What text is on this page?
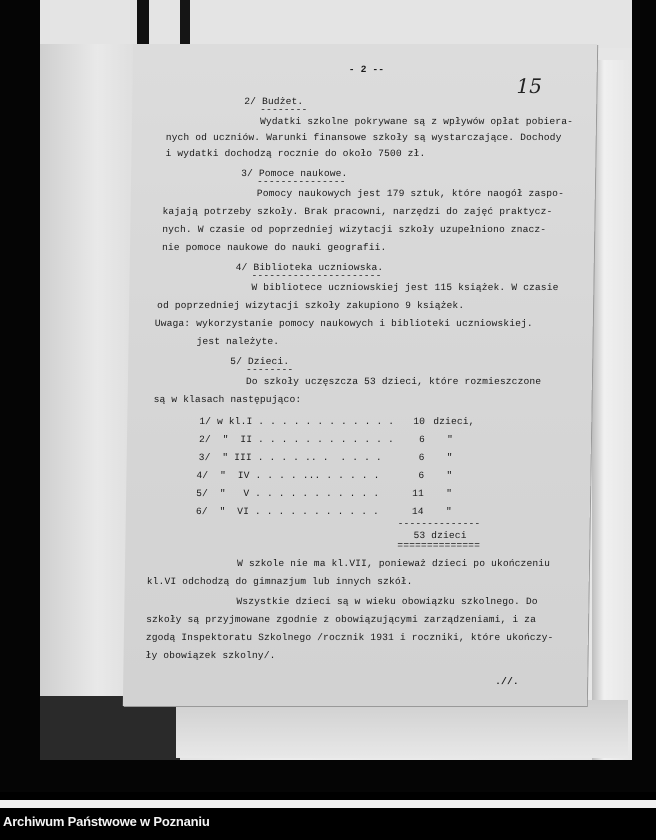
- 2 --
15
2/ Budżet.
--------
Wydatki szkolne pokrywane są z wpływów opłat pobiera-
nych od uczniów. Warunki finansowe szkoły są wystarczające. Dochody
i wydatki dochodzą rocznie do około 7500 zł.
3/ Pomoce naukowe.
---------------
Pomocy naukowych jest 179 sztuk, które naogół zaspo-
kajają potrzeby szkoły. Brak pracowni, narzędzi do zajęć praktycz-
nych. W czasie od poprzedniej wizytacji szkoły uzupełniono znacz-
nie pomoce naukowe do nauki geografii.
4/ Biblioteka uczniowska.
----------------------
W bibliotece uczniowskiej jest 115 książek. W czasie
od poprzedniej wizytacji szkoły zakupiono 9 książek.
Uwaga: wykorzystanie pomocy naukowych i biblioteki uczniowskiej.
jest należyte.
5/ Dzieci.
--------
Do szkoły uczęszcza 53 dzieci, które rozmieszczone
są w klasach następująco:
1/ w kl.I . . . . . . . . . . . . 10 dzieci,
2/  "  II . . . . . . . . . . . .	6 "
3/  " III . . . . .. .  . . . .	6 "
4/  "  IV . . . . ... . . . . .	6 "
5/  "   V . . . . . . . . . . .	11 "
6/  "  VI . . . . . . . . . . .	14 "
--------------
53 dzieci
==============
W szkole nie ma kl.VII, ponieważ dzieci po ukończeniu
kl.VI odchodzą do gimnazjum lub innych szkół.
Wszystkie dzieci są w wieku obowiązku szkolnego. Do
szkoły są przyjmowane zgodnie z obowiązującymi zarządzeniami, i za
zgodą Inspektoratu Szkolnego /rocznik 1931 i roczniki, które ukończy-
ły obowiązek szkolny/.
.//.
Archiwum Państwowe w Poznaniu
